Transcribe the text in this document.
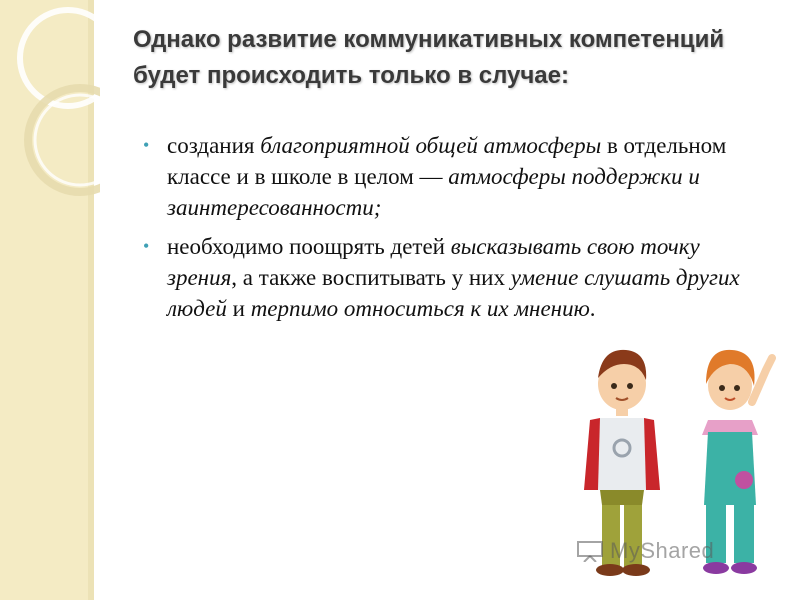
Однако развитие коммуникативных компетенций будет происходить только в случае:
• создания благоприятной общей атмосферы в отдельном классе и в школе в целом — атмосферы поддержки и заинтересованности;
• необходимо поощрять детей высказывать свою точку зрения, а также воспитывать у них умение слушать других людей и терпимо относиться к их мнению.
MyShared
